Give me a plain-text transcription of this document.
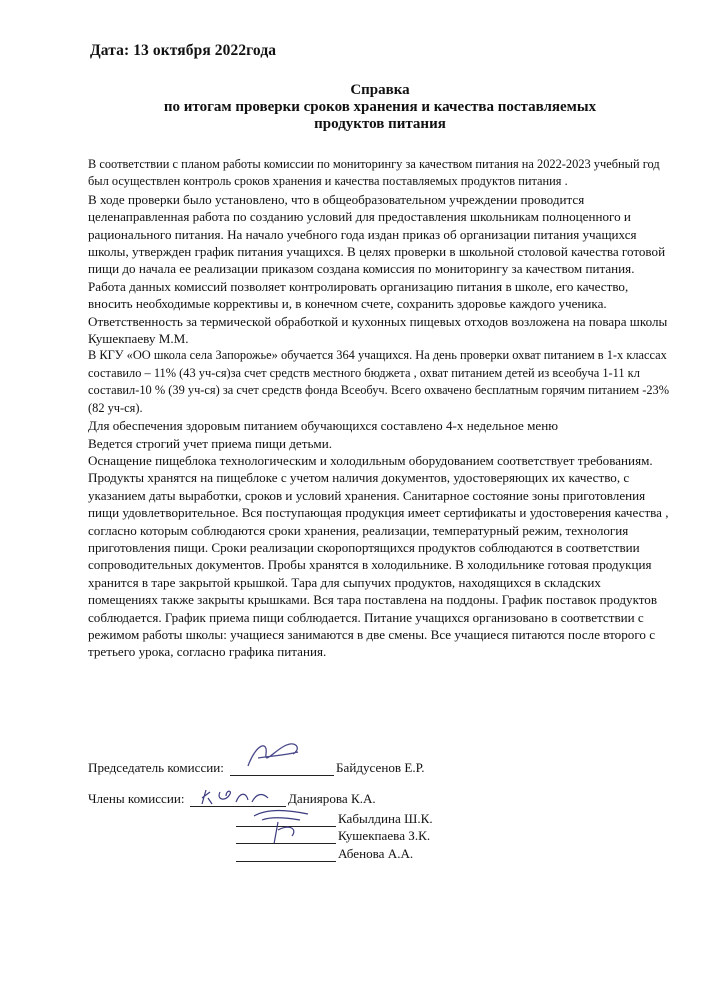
Дата: 13 октября 2022года
Справка
по итогам проверки сроков хранения и качества поставляемых
продуктов питания

В соответствии с планом работы комиссии по мониторингу за качеством питания на 2022-2023 учебный год был осуществлен контроль сроков хранения и качества поставляемых продуктов питания .

В ходе проверки было установлено, что в общеобразовательном учреждении проводится целенаправленная работа по созданию условий для предоставления школьникам полноценного и рационального питания. На начало учебного года издан приказ об организации питания учащихся школы, утвержден график питания учащихся. В целях проверки в школьной столовой качества готовой пищи до начала ее реализации приказом создана комиссия по мониторингу за качеством питания. Работа данных комиссий позволяет контролировать организацию питания в школе, его качество, вносить необходимые коррективы и, в конечном счете, сохранить здоровье каждого ученика.

Ответственность за термической обработкой и кухонных пищевых отходов возложена на повара школы Кушекпаеву М.М.

В КГУ «ОО школа села Запорожье» обучается 364 учащихся. На день проверки охват питанием в 1-х классах составило – 11% (43 уч-ся)за счет средств местного бюджета , охват питанием детей из всеобуча 1-11 кл составил-10 % (39 уч-ся) за счет средств фонда Всеобуч. Всего охвачено бесплатным горячим питанием -23% (82 уч-ся).

Для обеспечения здоровым питанием обучающихся составлено 4-х недельное меню

Ведется строгий учет приема пищи детьми.

Оснащение пищеблока технологическим и холодильным оборудованием соответствует требованиям. Продукты хранятся на пищеблоке с учетом наличия документов, удостоверяющих их качество, с указанием даты выработки, сроков и условий хранения. Санитарное состояние зоны приготовления пищи удовлетворительное. Вся поступающая продукция имеет сертификаты и удостоверения качества , согласно которым соблюдаются сроки хранения, реализации, температурный режим, технология приготовления пищи. Сроки реализации скоропортящихся продуктов соблюдаются в соответствии сопроводительных документов. Пробы хранятся в холодильнике. В холодильнике готовая продукция хранится в таре закрытой крышкой. Тара для сыпучих продуктов, находящихся в складских помещениях также закрыты крышками. Вся тара поставлена на поддоны. График поставок продуктов соблюдается. График приема пищи соблюдается. Питание учащихся организовано в соответствии с режимом работы школы: учащиеся занимаются в две смены. Все учащиеся питаются после второго с третьего урока, согласно графика питания.

Председатель комиссии:	Байдусенов Е.Р.
Члены комиссии:	Даниярова К.А.
Кабылдина Ш.К.
Кушекпаева З.К.
Абенова А.А.
